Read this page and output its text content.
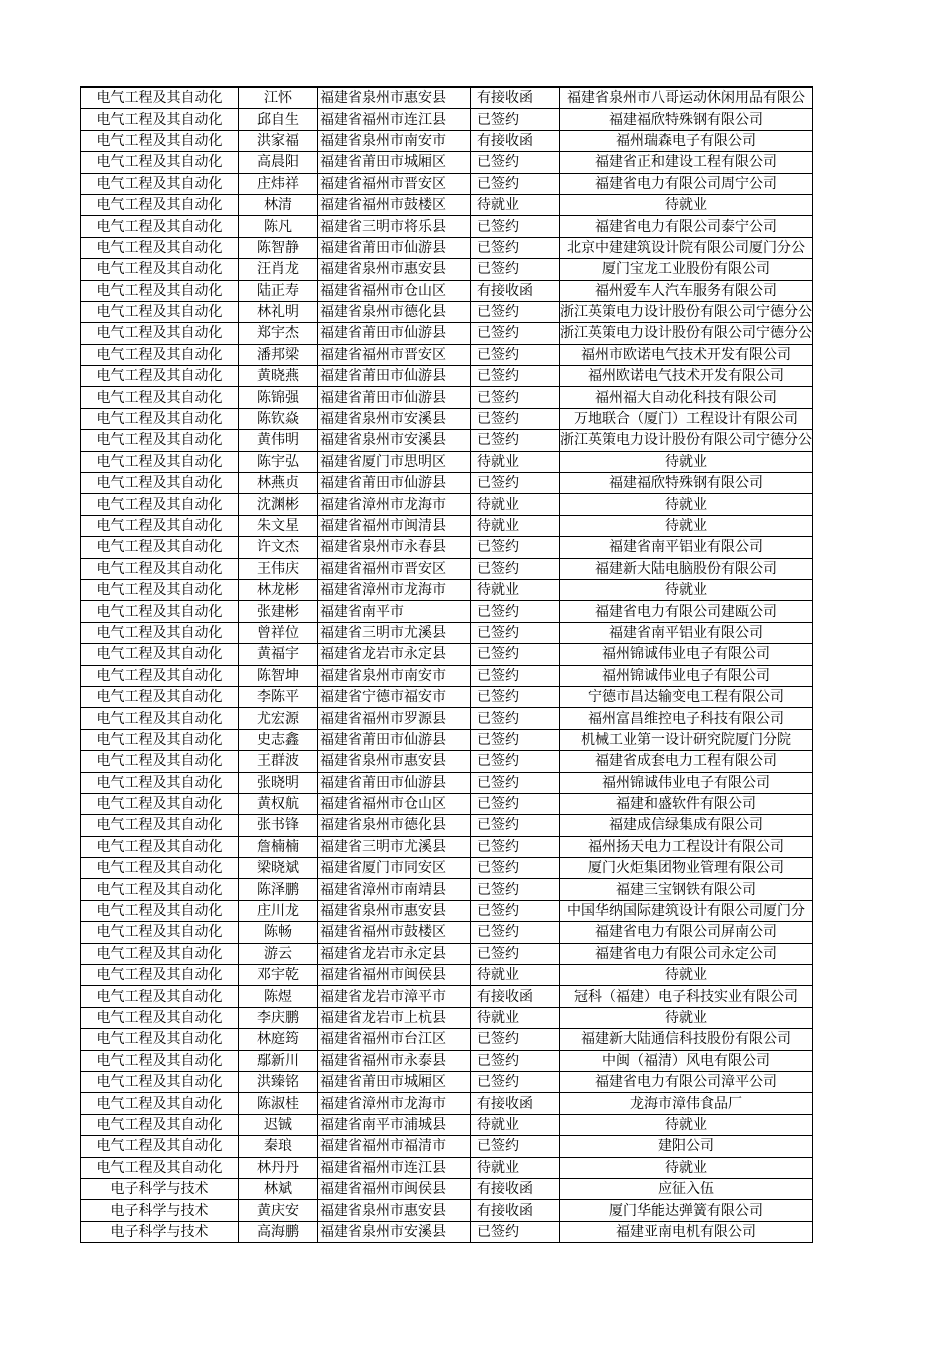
电气工程及其自动化	江怀	福建省泉州市惠安县	有接收函	福建省泉州市八哥运动休闲用品有限公
电气工程及其自动化	邱自生	福建省福州市连江县	已签约	福建福欣特殊钢有限公司
电气工程及其自动化	洪家福	福建省泉州市南安市	有接收函	福州瑞森电子有限公司
电气工程及其自动化	高晨阳	福建省莆田市城厢区	已签约	福建省正和建设工程有限公司
电气工程及其自动化	庄炜祥	福建省福州市晋安区	已签约	福建省电力有限公司周宁公司
电气工程及其自动化	林清	福建省福州市鼓楼区	待就业	待就业
电气工程及其自动化	陈凡	福建省三明市将乐县	已签约	福建省电力有限公司泰宁公司
电气工程及其自动化	陈智静	福建省莆田市仙游县	已签约	北京中建建筑设计院有限公司厦门分公
电气工程及其自动化	汪肖龙	福建省泉州市惠安县	已签约	厦门宝龙工业股份有限公司
电气工程及其自动化	陆正寿	福建省福州市仓山区	有接收函	福州爱车人汽车服务有限公司
电气工程及其自动化	林礼明	福建省泉州市德化县	已签约	浙江英策电力设计股份有限公司宁德分公
电气工程及其自动化	郑宇杰	福建省莆田市仙游县	已签约	浙江英策电力设计股份有限公司宁德分公
电气工程及其自动化	潘邦梁	福建省福州市晋安区	已签约	福州市欧诺电气技术开发有限公司
电气工程及其自动化	黄晓燕	福建省莆田市仙游县	已签约	福州欧诺电气技术开发有限公司
电气工程及其自动化	陈锦强	福建省莆田市仙游县	已签约	福州福大自动化科技有限公司
电气工程及其自动化	陈钦焱	福建省泉州市安溪县	已签约	万地联合（厦门）工程设计有限公司
电气工程及其自动化	黄伟明	福建省泉州市安溪县	已签约	浙江英策电力设计股份有限公司宁德分公
电气工程及其自动化	陈宇弘	福建省厦门市思明区	待就业	待就业
电气工程及其自动化	林燕贞	福建省莆田市仙游县	已签约	福建福欣特殊钢有限公司
电气工程及其自动化	沈渊彬	福建省漳州市龙海市	待就业	待就业
电气工程及其自动化	朱文星	福建省福州市闽清县	待就业	待就业
电气工程及其自动化	许文杰	福建省泉州市永春县	已签约	福建省南平铝业有限公司
电气工程及其自动化	王伟庆	福建省福州市晋安区	已签约	福建新大陆电脑股份有限公司
电气工程及其自动化	林龙彬	福建省漳州市龙海市	待就业	待就业
电气工程及其自动化	张建彬	福建省南平市	已签约	福建省电力有限公司建瓯公司
电气工程及其自动化	曾祥位	福建省三明市尤溪县	已签约	福建省南平铝业有限公司
电气工程及其自动化	黄福宇	福建省龙岩市永定县	已签约	福州锦诚伟业电子有限公司
电气工程及其自动化	陈智坤	福建省泉州市南安市	已签约	福州锦诚伟业电子有限公司
电气工程及其自动化	李陈平	福建省宁德市福安市	已签约	宁德市昌达输变电工程有限公司
电气工程及其自动化	尤宏源	福建省福州市罗源县	已签约	福州富昌维控电子科技有限公司
电气工程及其自动化	史志鑫	福建省莆田市仙游县	已签约	机械工业第一设计研究院厦门分院
电气工程及其自动化	王群波	福建省泉州市惠安县	已签约	福建省成套电力工程有限公司
电气工程及其自动化	张晓明	福建省莆田市仙游县	已签约	福州锦诚伟业电子有限公司
电气工程及其自动化	黄权航	福建省福州市仓山区	已签约	福建和盛软件有限公司
电气工程及其自动化	张书锋	福建省泉州市德化县	已签约	福建成信绿集成有限公司
电气工程及其自动化	詹楠楠	福建省三明市尤溪县	已签约	福州扬天电力工程设计有限公司
电气工程及其自动化	梁晓斌	福建省厦门市同安区	已签约	厦门火炬集团物业管理有限公司
电气工程及其自动化	陈泽鹏	福建省漳州市南靖县	已签约	福建三宝钢铁有限公司
电气工程及其自动化	庄川龙	福建省泉州市惠安县	已签约	中国华纳国际建筑设计有限公司厦门分
电气工程及其自动化	陈畅	福建省福州市鼓楼区	已签约	福建省电力有限公司屏南公司
电气工程及其自动化	游云	福建省龙岩市永定县	已签约	福建省电力有限公司永定公司
电气工程及其自动化	邓宇乾	福建省福州市闽侯县	待就业	待就业
电气工程及其自动化	陈煜	福建省龙岩市漳平市	有接收函	冠科（福建）电子科技实业有限公司
电气工程及其自动化	李庆鹏	福建省龙岩市上杭县	待就业	待就业
电气工程及其自动化	林庭筠	福建省福州市台江区	已签约	福建新大陆通信科技股份有限公司
电气工程及其自动化	鄢新川	福建省福州市永泰县	已签约	中闽（福清）风电有限公司
电气工程及其自动化	洪臻铭	福建省莆田市城厢区	已签约	福建省电力有限公司漳平公司
电气工程及其自动化	陈淑桂	福建省漳州市龙海市	有接收函	龙海市漳伟食品厂
电气工程及其自动化	迟铖	福建省南平市浦城县	待就业	待就业
电气工程及其自动化	秦琅	福建省福州市福清市	已签约	建阳公司
电气工程及其自动化	林丹丹	福建省福州市连江县	待就业	待就业
电子科学与技术	林斌	福建省福州市闽侯县	有接收函	应征入伍
电子科学与技术	黄庆安	福建省泉州市惠安县	有接收函	厦门华能达弹簧有限公司
电子科学与技术	高海鹏	福建省泉州市安溪县	已签约	福建亚南电机有限公司
